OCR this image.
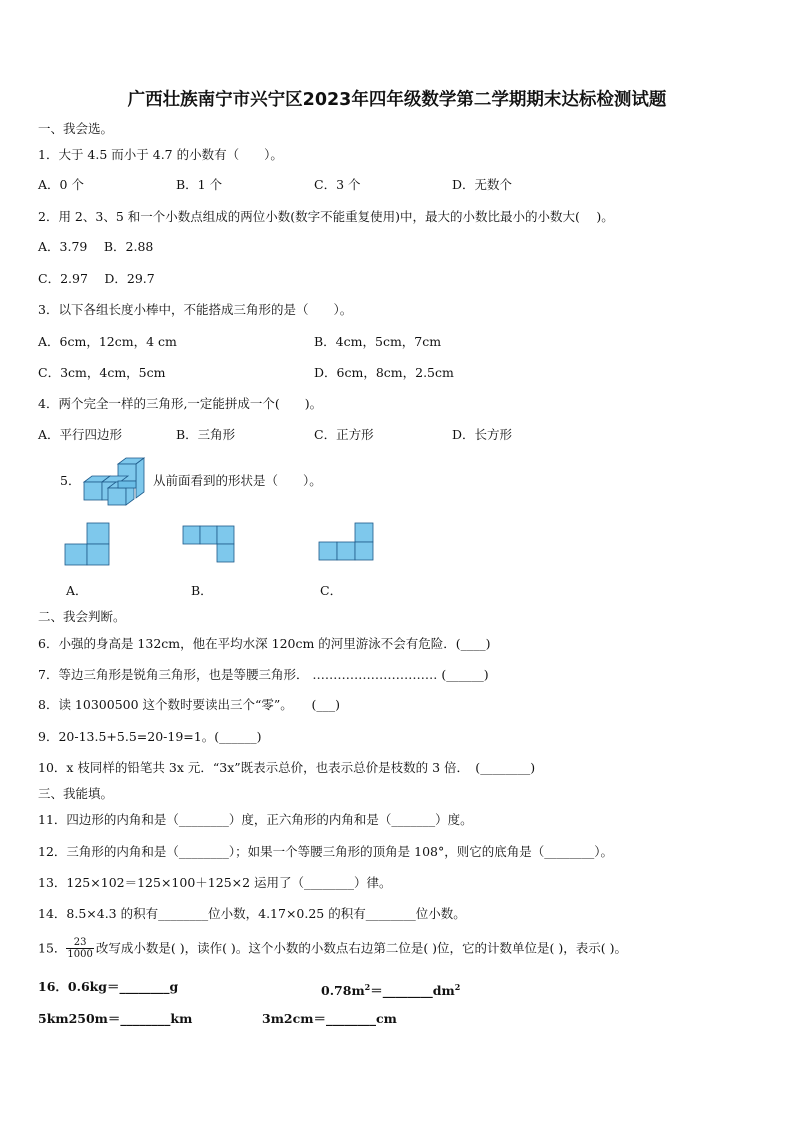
广西壮族南宁市兴宁区2023年四年级数学第二学期期末达标检测试题
一、我会选。
1．大于 4.5 而小于 4.7 的小数有（　　）。
A．0 个	B．1 个	C．3 个	D．无数个
2．用 2、3、5 和一个小数点组成的两位小数(数字不能重复使用)中，最大的小数比最小的小数大(　 )。
A．3.79　 B．2.88
C．2.97　 D．29.7
3．以下各组长度小棒中，不能搭成三角形的是（　　）。
A．6cm，12cm，4 cm	B．4cm，5cm，7cm
C．3cm，4cm，5cm	D．6cm，8cm，2.5cm
4．两个完全一样的三角形,一定能拼成一个(　　)。
A．平行四边形	B．三角形	C．正方形	D．长方形
5．	从前面看到的形状是（　　）。
A．	B．	C．
二、我会判断。
6．小强的身高是 132cm，他在平均水深 120cm 的河里游泳不会有危险．(____)
7．等边三角形是锐角三角形，也是等腰三角形． ………………………… (______)
8．读 10300500 这个数时要读出三个“零”。　　(___)
9．20-13.5+5.5=20-19=1。(______)
10．x 枝同样的铅笔共 3x 元．“3x”既表示总价，也表示总价是枝数的 3 倍．　(________)
三、我能填。
11．四边形的内角和是（________）度，正六角形的内角和是（_______）度。
12．三角形的内角和是（________）；如果一个等腰三角形的顶角是 108°，则它的底角是（________）。
13．125×102＝125×100＋125×2 运用了（________）律。
14．8.5×4.3 的积有________位小数，4.17×0.25 的积有________位小数。
15． $\frac{23}{1000}$ 改写成小数是( )，读作( )。这个小数的小数点右边第二位是( )位，它的计数单位是( )，表示( )。
16．0.6kg＝________g	$0.78m^2=\_\_\_\_\_\_\_\_dm^2$
5km250m＝________km	3m2cm＝________cm
